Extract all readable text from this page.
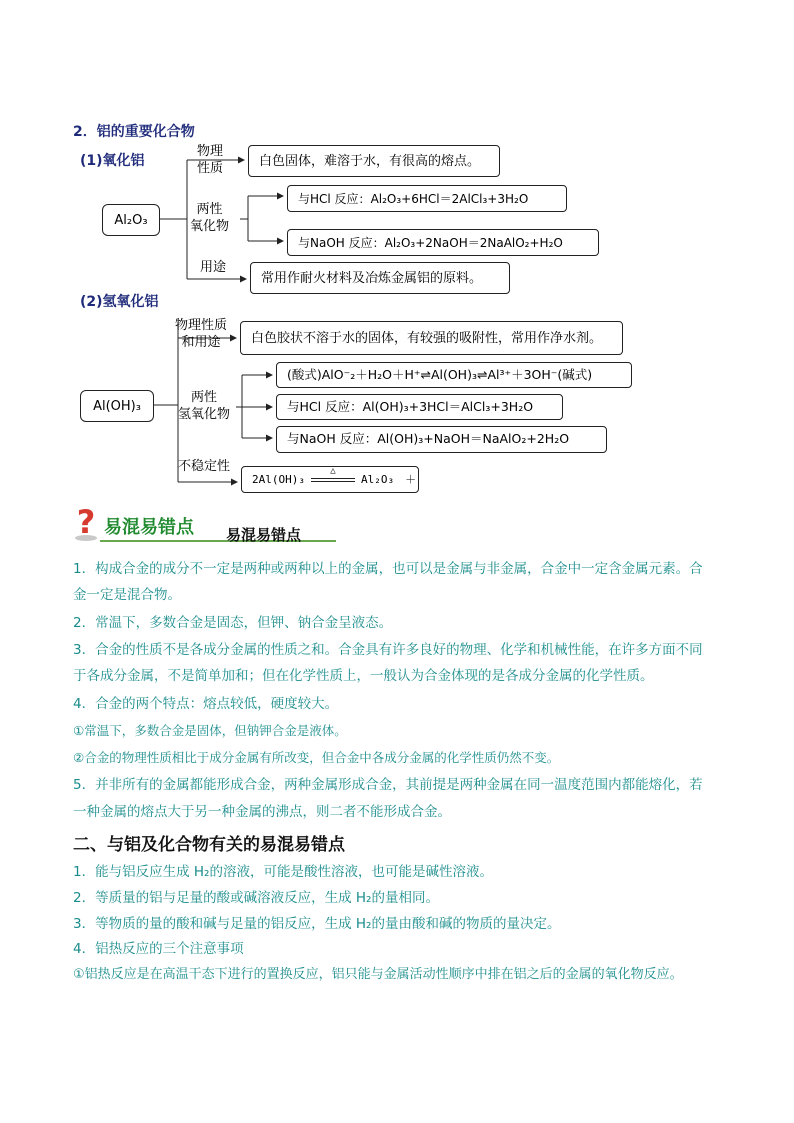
2．铝的重要化合物
(1)氧化铝
Al₂O₃
物理
性质	白色固体，难溶于水，有很高的熔点。
两性
氧化物
与HCl 反应： Al₂O₃+6HCl＝2AlCl₃+3H₂O
与NaOH 反应： Al₂O₃+2NaOH＝2NaAlO₂+H₂O
用途
常用作耐火材料及冶炼金属铝的原料。
(2)氢氧化铝
Al(OH)₃
物理性质
和用途	白色胶状不溶于水的固体，有较强的吸附性，常用作净水剂。
两性
氢氧化物
(酸式)AlO⁻₂＋H₂O＋H⁺⇌Al(OH)₃⇌Al³⁺＋3OH⁻(碱式)
与HCl 反应： Al(OH)₃+3HCl＝AlCl₃+3H₂O
与NaOH 反应： Al(OH)₃+NaOH＝NaAlO₂+2H₂O
不稳定性
2Al(OH)₃
△
Al₂O₃　＋
? 易混易错点 易混易错点
1．构成合金的成分不一定是两种或两种以上的金属，也可以是金属与非金属，合金中一定含金属元素。合
金一定是混合物。
2．常温下，多数合金是固态，但钾、钠合金呈液态。
3．合金的性质不是各成分金属的性质之和。合金具有许多良好的物理、化学和机械性能，在许多方面不同
于各成分金属，不是简单加和；但在化学性质上，一般认为合金体现的是各成分金属的化学性质。
4．合金的两个特点：熔点较低，硬度较大。
①常温下，多数合金是固体，但钠钾合金是液体。
②合金的物理性质相比于成分金属有所改变，但合金中各成分金属的化学性质仍然不变。
5．并非所有的金属都能形成合金，两种金属形成合金，其前提是两种金属在同一温度范围内都能熔化，若
一种金属的熔点大于另一种金属的沸点，则二者不能形成合金。
二、与铝及化合物有关的易混易错点
1．能与铝反应生成 H₂的溶液，可能是酸性溶液，也可能是碱性溶液。
2．等质量的铝与足量的酸或碱溶液反应，生成 H₂的量相同。
3．等物质的量的酸和碱与足量的铝反应，生成 H₂的量由酸和碱的物质的量决定。
4．铝热反应的三个注意事项
①铝热反应是在高温干态下进行的置换反应，铝只能与金属活动性顺序中排在铝之后的金属的氧化物反应。
